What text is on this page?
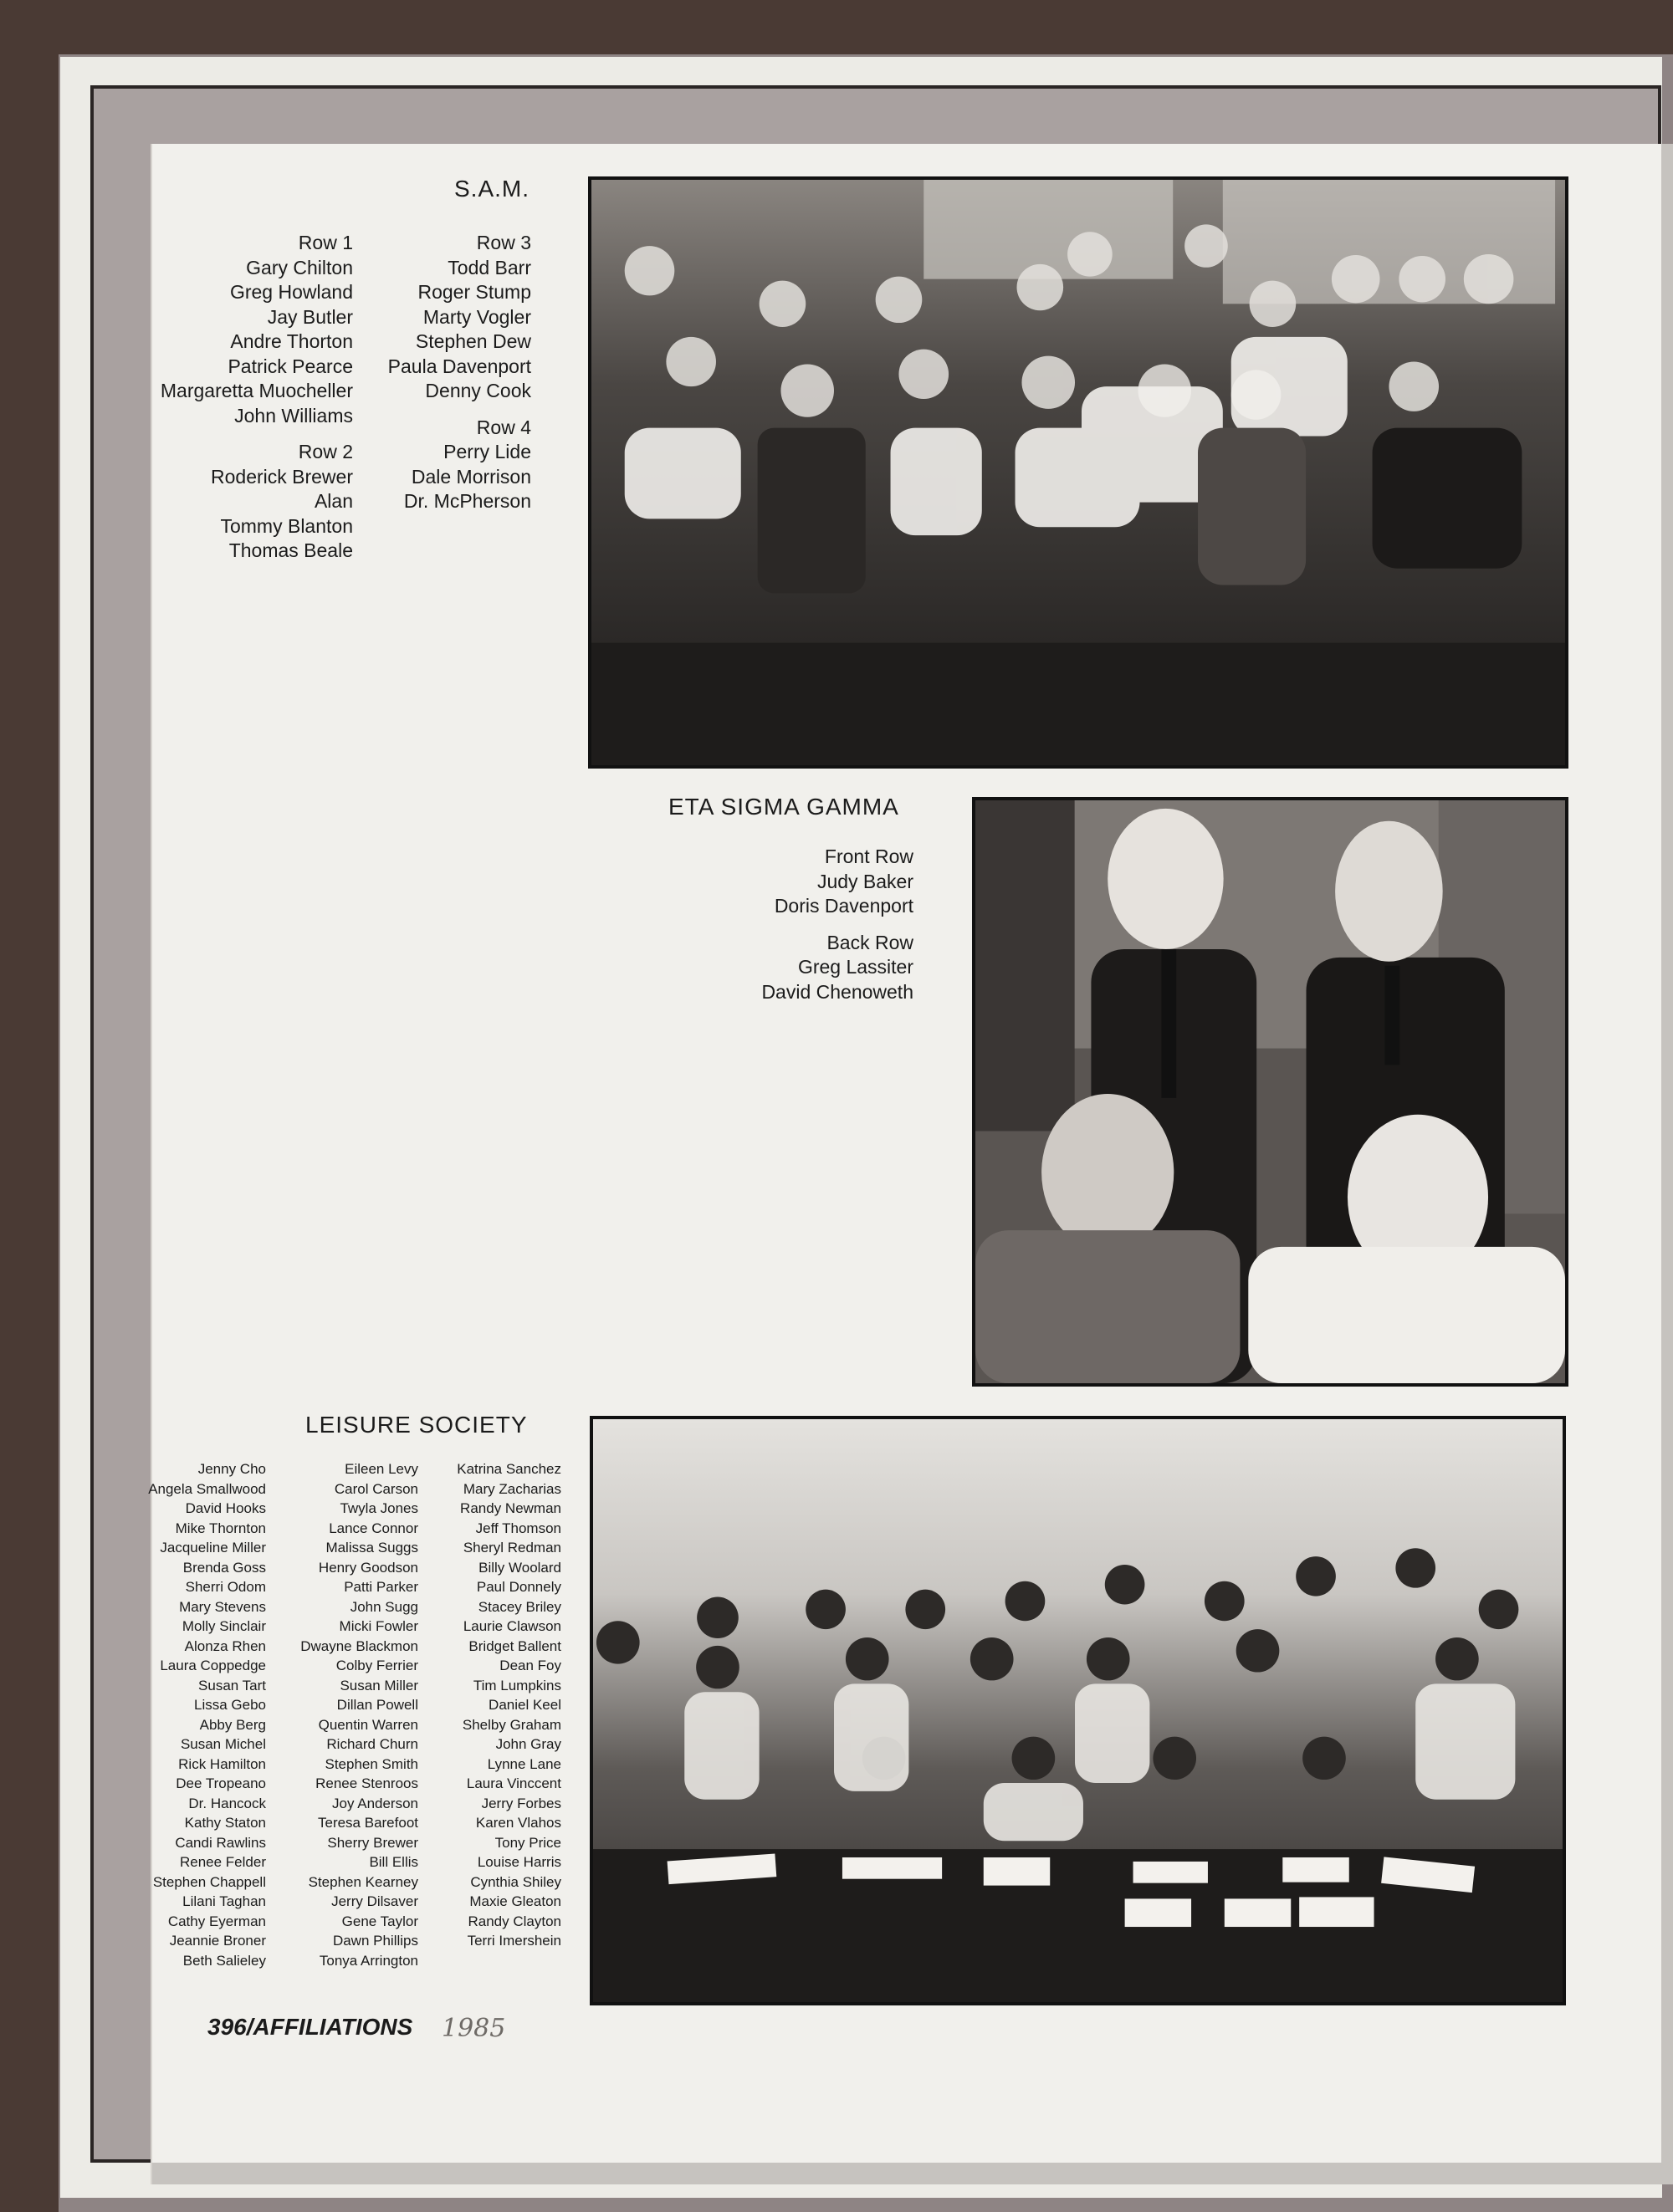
S.A.M.
Row 1
Gary Chilton
Greg Howland
Jay Butler
Andre Thorton
Patrick Pearce
Margaretta Muocheller
John Williams
Row 2
Roderick Brewer
Alan
Tommy Blanton
Thomas Beale
Row 3
Todd Barr
Roger Stump
Marty Vogler
Stephen Dew
Paula Davenport
Denny Cook
Row 4
Perry Lide
Dale Morrison
Dr. McPherson
ETA SIGMA GAMMA
Front Row
Judy Baker
Doris Davenport
Back Row
Greg Lassiter
David Chenoweth
LEISURE SOCIETY
Jenny Cho
Angela Smallwood
David Hooks
Mike Thornton
Jacqueline Miller
Brenda Goss
Sherri Odom
Mary Stevens
Molly Sinclair
Alonza Rhen
Laura Coppedge
Susan Tart
Lissa Gebo
Abby Berg
Susan Michel
Rick Hamilton
Dee Tropeano
Dr. Hancock
Kathy Staton
Candi Rawlins
Renee Felder
Stephen Chappell
Lilani Taghan
Cathy Eyerman
Jeannie Broner
Beth Salieley
Eileen Levy
Carol Carson
Twyla Jones
Lance Connor
Malissa Suggs
Henry Goodson
Patti Parker
John Sugg
Micki Fowler
Dwayne Blackmon
Colby Ferrier
Susan Miller
Dillan Powell
Quentin Warren
Richard Churn
Stephen Smith
Renee Stenroos
Joy Anderson
Teresa Barefoot
Sherry Brewer
Bill Ellis
Stephen Kearney
Jerry Dilsaver
Gene Taylor
Dawn Phillips
Tonya Arrington
Katrina Sanchez
Mary Zacharias
Randy Newman
Jeff Thomson
Sheryl Redman
Billy Woolard
Paul Donnely
Stacey Briley
Laurie Clawson
Bridget Ballent
Dean Foy
Tim Lumpkins
Daniel Keel
Shelby Graham
John Gray
Lynne Lane
Laura Vinccent
Jerry Forbes
Karen Vlahos
Tony Price
Louise Harris
Cynthia Shiley
Maxie Gleaton
Randy Clayton
Terri Imershein
396/AFFILIATIONS 1985
